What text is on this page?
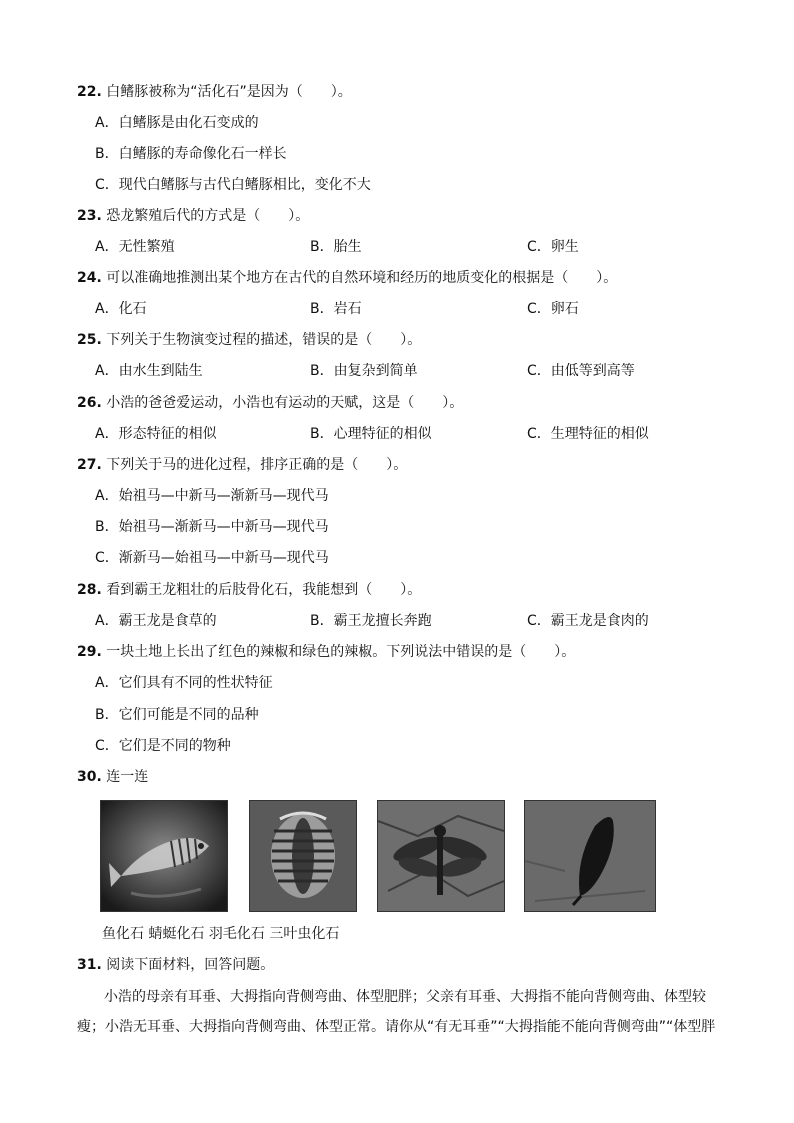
22. 白鳍豚被称为“活化石”是因为（　　）。
A．白鳍豚是由化石变成的
B．白鳍豚的寿命像化石一样长
C．现代白鳍豚与古代白鳍豚相比，变化不大
23. 恐龙繁殖后代的方式是（　　）。
A．无性繁殖	B．胎生	C．卵生
24. 可以准确地推测出某个地方在古代的自然环境和经历的地质变化的根据是（　　）。
A．化石	B．岩石	C．卵石
25. 下列关于生物演变过程的描述，错误的是（　　）。
A．由水生到陆生	B．由复杂到简单	C．由低等到高等
26. 小浩的爸爸爱运动，小浩也有运动的天赋，这是（　　）。
A．形态特征的相似	B．心理特征的相似	C．生理特征的相似
27. 下列关于马的进化过程，排序正确的是（　　）。
A．始祖马—中新马—渐新马—现代马
B．始祖马—渐新马—中新马—现代马
C．渐新马—始祖马—中新马—现代马
28. 看到霸王龙粗壮的后肢骨化石，我能想到（　　）。
A．霸王龙是食草的	B．霸王龙擅长奔跑	C．霸王龙是食肉的
29. 一块土地上长出了红色的辣椒和绿色的辣椒。下列说法中错误的是（　　）。
A．它们具有不同的性状特征
B．它们可能是不同的品种
C．它们是不同的物种
30. 连一连
鱼化石 蜻蜓化石 羽毛化石 三叶虫化石
31. 阅读下面材料，回答问题。
小浩的母亲有耳垂、大拇指向背侧弯曲、体型肥胖；父亲有耳垂、大拇指不能向背侧弯曲、体型较
瘦；小浩无耳垂、大拇指向背侧弯曲、体型正常。请你从“有无耳垂”“大拇指能不能向背侧弯曲”“体型胖
